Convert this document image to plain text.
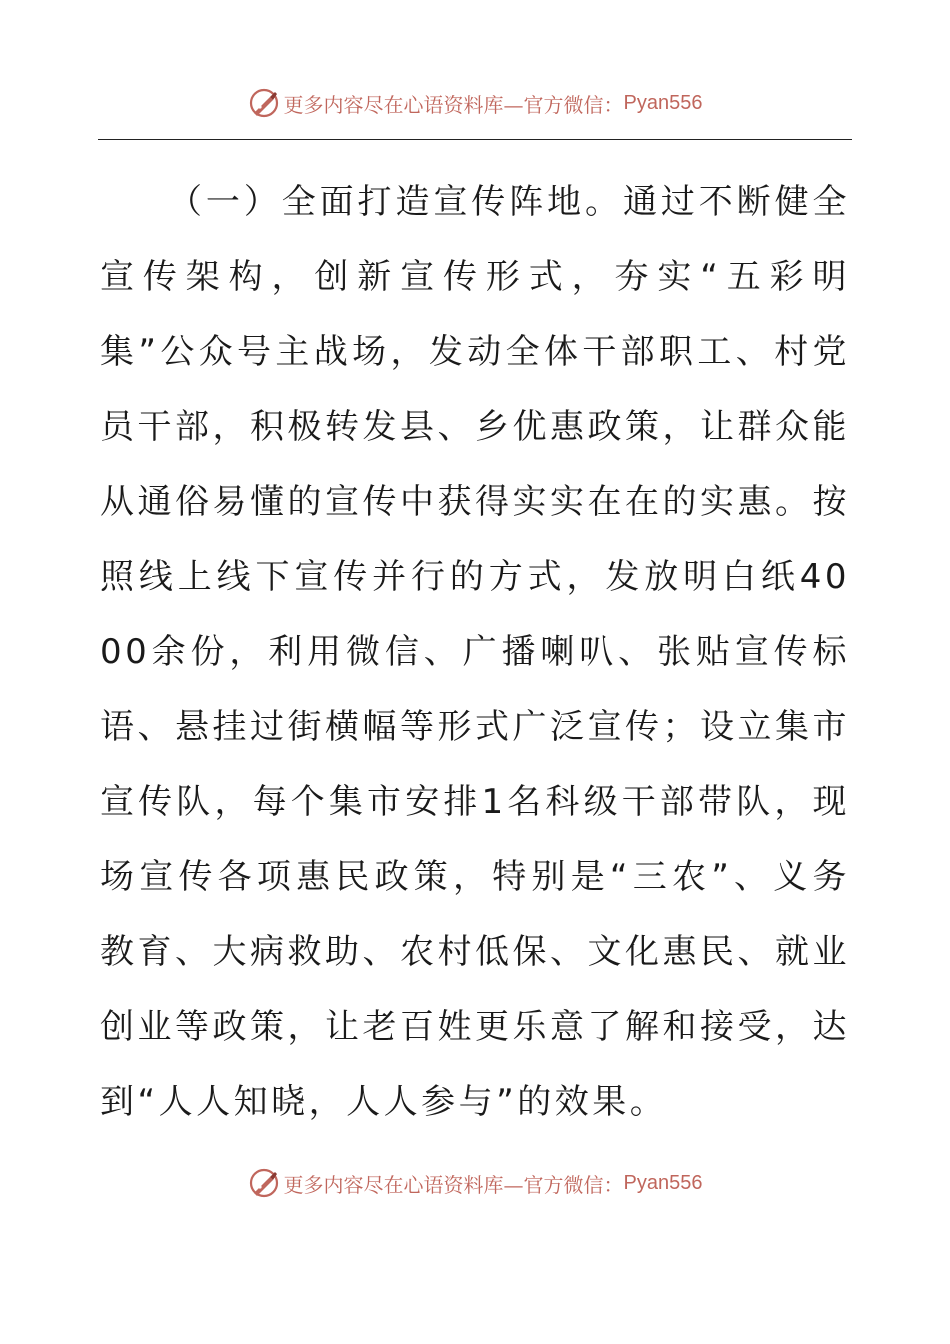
更多内容尽在心语资料库—官方微信： Pyan556

（一）全面打造宣传阵地。通过不断健全宣传架构，创新宣传形式，夯实“五彩明集”公众号主战场，发动全体干部职工、村党员干部，积极转发县、乡优惠政策，让群众能从通俗易懂的宣传中获得实实在在的实惠。按照线上线下宣传并行的方式，发放明白纸4000余份，利用微信、广播喇叭、张贴宣传标语、悬挂过街横幅等形式广泛宣传；设立集市宣传队，每个集市安排1名科级干部带队，现场宣传各项惠民政策，特别是“三农”、义务教育、大病救助、农村低保、文化惠民、就业创业等政策，让老百姓更乐意了解和接受，达到“人人知晓，人人参与”的效果。

更多内容尽在心语资料库—官方微信： Pyan556
